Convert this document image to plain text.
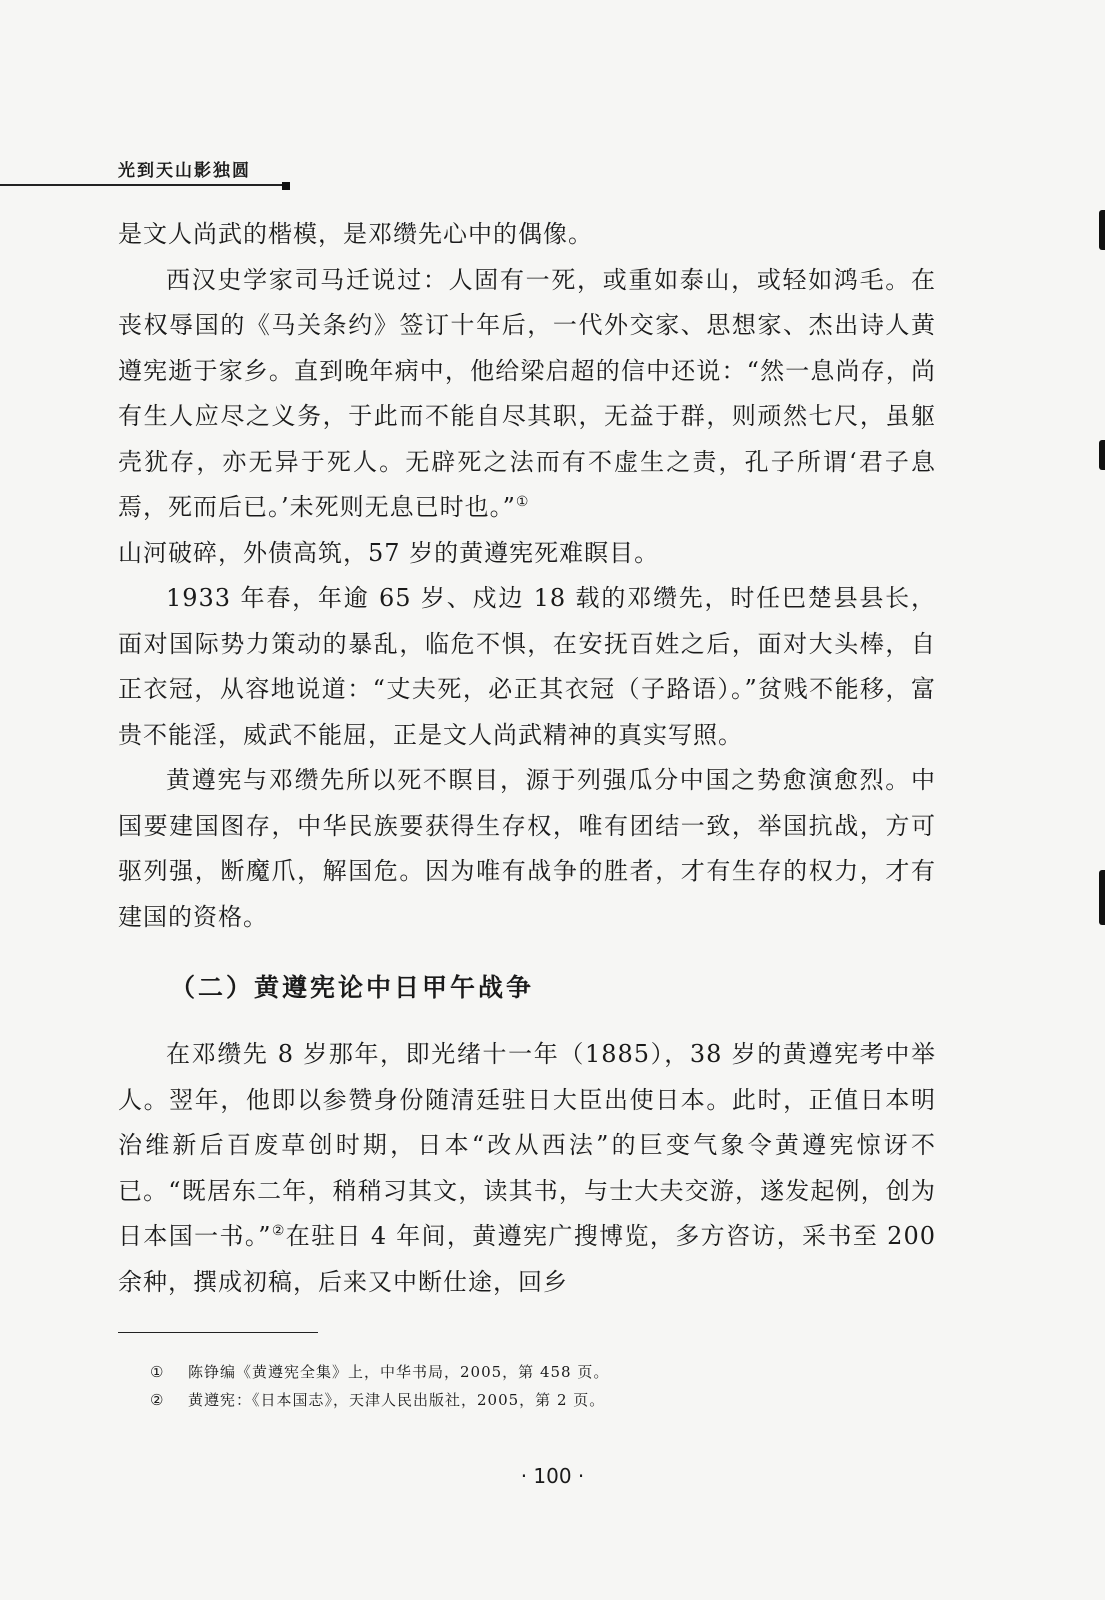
光到天山影独圆

是文人尚武的楷模，是邓缵先心中的偶像。

西汉史学家司马迁说过：人固有一死，或重如泰山，或轻如鸿毛。在丧权辱国的《马关条约》签订十年后，一代外交家、思想家、杰出诗人黄遵宪逝于家乡。直到晚年病中，他给梁启超的信中还说：“然一息尚存，尚有生人应尽之义务，于此而不能自尽其职，无益于群，则顽然七尺，虽躯壳犹存，亦无异于死人。无辟死之法而有不虚生之责，孔子所谓‘君子息焉，死而后已。’未死则无息已时也。”①
山河破碎，外债高筑，57 岁的黄遵宪死难瞑目。

1933 年春，年逾 65 岁、戍边 18 载的邓缵先，时任巴楚县县长，面对国际势力策动的暴乱，临危不惧，在安抚百姓之后，面对大头棒，自正衣冠，从容地说道：“丈夫死，必正其衣冠（子路语）。”贫贱不能移，富贵不能淫，威武不能屈，正是文人尚武精神的真实写照。

黄遵宪与邓缵先所以死不瞑目，源于列强瓜分中国之势愈演愈烈。中国要建国图存，中华民族要获得生存权，唯有团结一致，举国抗战，方可驱列强，断魔爪，解国危。因为唯有战争的胜者，才有生存的权力，才有建国的资格。

（二）黄遵宪论中日甲午战争

在邓缵先 8 岁那年，即光绪十一年（1885），38 岁的黄遵宪考中举人。翌年，他即以参赞身份随清廷驻日大臣出使日本。此时，正值日本明治维新后百废草创时期，日本“改从西法”的巨变气象令黄遵宪惊讶不已。“既居东二年，稍稍习其文，读其书，与士大夫交游，遂发起例，创为日本国一书。”②在驻日 4 年间，黄遵宪广搜博览，多方咨访，采书至 200 余种，撰成初稿，后来又中断仕途，回乡

① 陈铮编《黄遵宪全集》上，中华书局，2005，第 458 页。
② 黄遵宪：《日本国志》，天津人民出版社，2005，第 2 页。
· 100 ·
